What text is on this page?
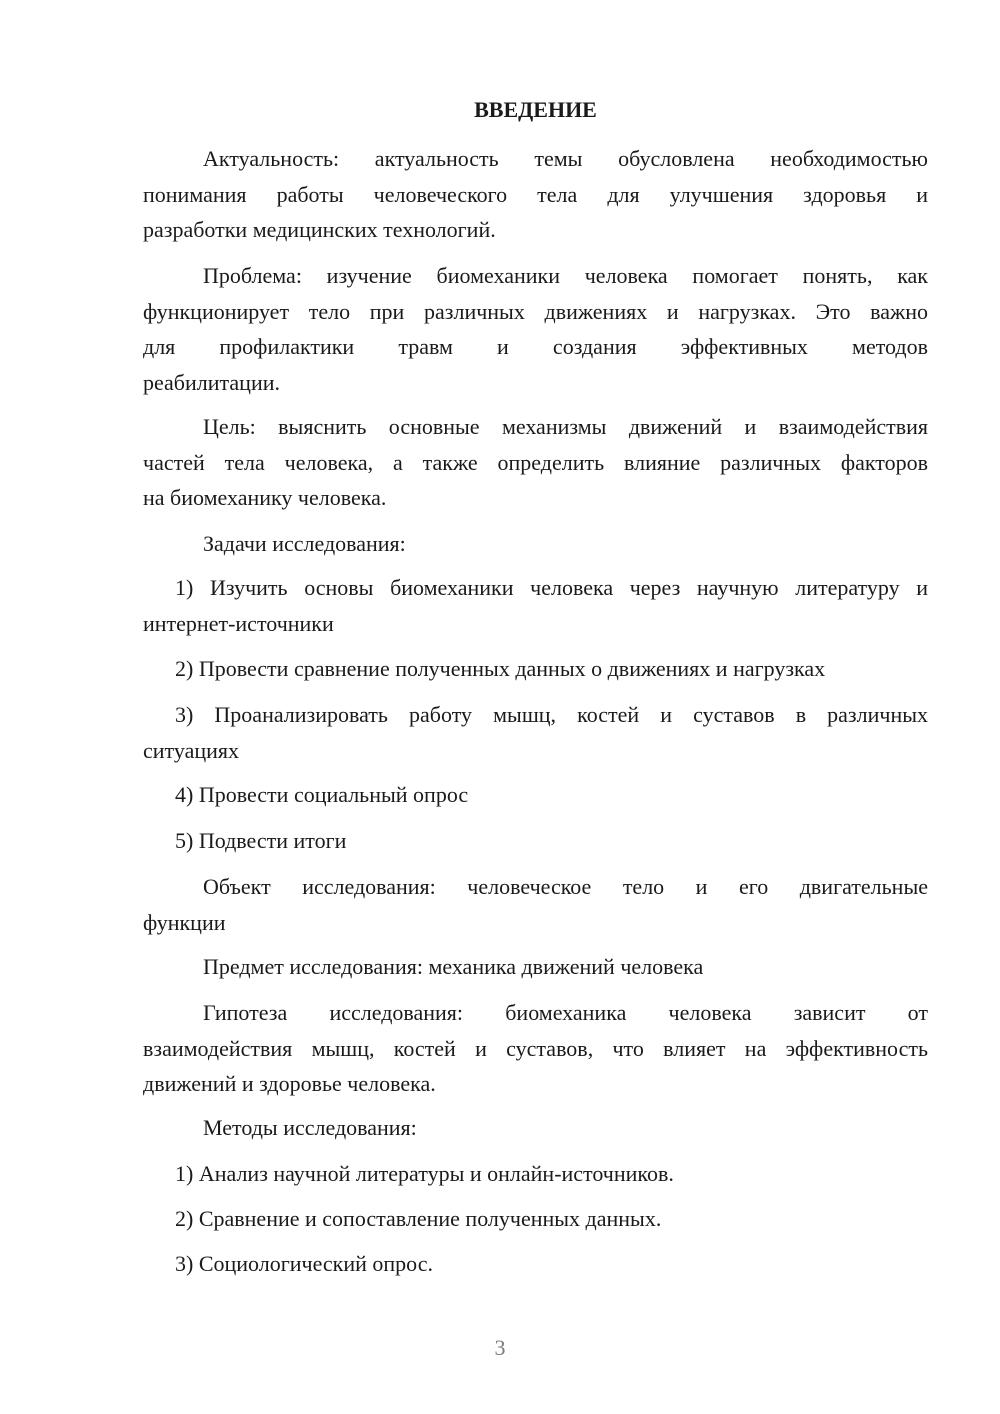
ВВЕДЕНИЕ
Актуальность: актуальность темы обусловлена необходимостью
понимания работы человеческого тела для улучшения здоровья и
разработки медицинских технологий.
Проблема: изучение биомеханики человека помогает понять, как
функционирует тело при различных движениях и нагрузках. Это важно
для профилактики травм и создания эффективных методов
реабилитации.
Цель: выяснить основные механизмы движений и взаимодействия
частей тела человека, а также определить влияние различных факторов
на биомеханику человека.
Задачи исследования:
1) Изучить основы биомеханики человека через научную литературу и
интернет-источники
2) Провести сравнение полученных данных о движениях и нагрузках
3) Проанализировать работу мышц, костей и суставов в различных
ситуациях
4) Провести социальный опрос
5) Подвести итоги
Объект исследования: человеческое тело и его двигательные
функции
Предмет исследования: механика движений человека
Гипотеза исследования: биомеханика человека зависит от
взаимодействия мышц, костей и суставов, что влияет на эффективность
движений и здоровье человека.
Методы исследования:
1) Анализ научной литературы и онлайн-источников.
2) Сравнение и сопоставление полученных данных.
3) Социологический опрос.
3
